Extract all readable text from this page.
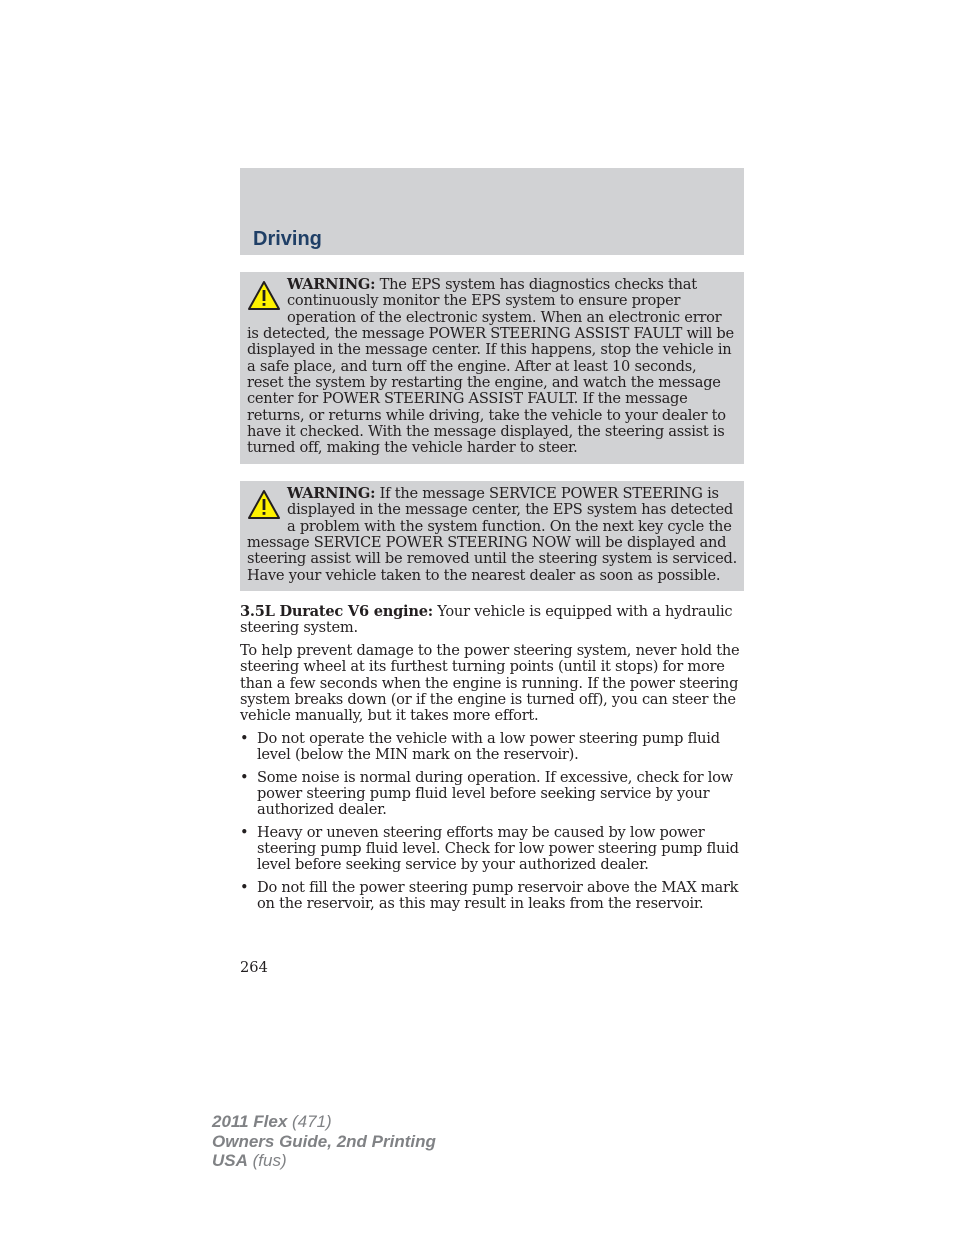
Driving

WARNING: The EPS system has diagnostics checks that continuously monitor the EPS system to ensure proper operation of the electronic system. When an electronic error is detected, the message POWER STEERING ASSIST FAULT will be displayed in the message center. If this happens, stop the vehicle in a safe place, and turn off the engine. After at least 10 seconds, reset the system by restarting the engine, and watch the message center for POWER STEERING ASSIST FAULT. If the message returns, or returns while driving, take the vehicle to your dealer to have it checked. With the message displayed, the steering assist is turned off, making the vehicle harder to steer.

WARNING: If the message SERVICE POWER STEERING is displayed in the message center, the EPS system has detected a problem with the system function. On the next key cycle the message SERVICE POWER STEERING NOW will be displayed and steering assist will be removed until the steering system is serviced. Have your vehicle taken to the nearest dealer as soon as possible.

3.5L Duratec V6 engine: Your vehicle is equipped with a hydraulic steering system.

To help prevent damage to the power steering system, never hold the steering wheel at its furthest turning points (until it stops) for more than a few seconds when the engine is running. If the power steering system breaks down (or if the engine is turned off), you can steer the vehicle manually, but it takes more effort.

• Do not operate the vehicle with a low power steering pump fluid level (below the MIN mark on the reservoir).
• Some noise is normal during operation. If excessive, check for low power steering pump fluid level before seeking service by your authorized dealer.
• Heavy or uneven steering efforts may be caused by low power steering pump fluid level. Check for low power steering pump fluid level before seeking service by your authorized dealer.
• Do not fill the power steering pump reservoir above the MAX mark on the reservoir, as this may result in leaks from the reservoir.
264
2011 Flex (471)
Owners Guide, 2nd Printing
USA (fus)
